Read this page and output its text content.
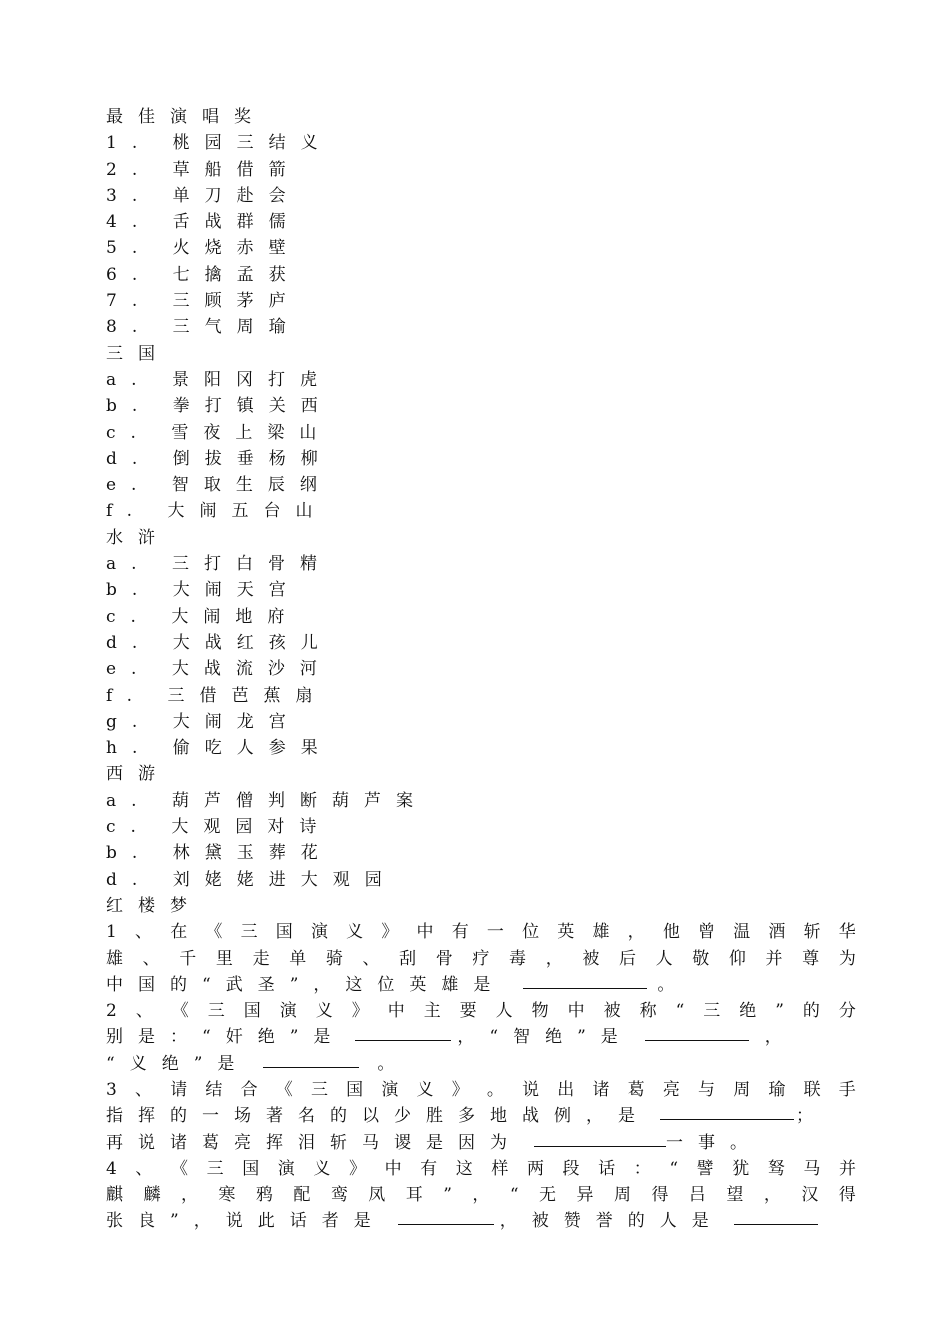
最佳演唱奖
1. 桃园三结义
2. 草船借箭
3. 单刀赴会
4. 舌战群儒
5. 火烧赤壁
6. 七擒孟获
7. 三顾茅庐
8. 三气周瑜
三国
a. 景阳冈打虎
b. 拳打镇关西
c. 雪夜上梁山
d. 倒拔垂杨柳
e. 智取生辰纲
f. 大闹五台山
水浒
a. 三打白骨精
b. 大闹天宫
c. 大闹地府
d. 大战红孩儿
e. 大战流沙河
f. 三借芭蕉扇
g. 大闹龙宫
h. 偷吃人参果
西游
a. 葫芦僧判断葫芦案
c. 大观园对诗
b. 林黛玉葬花
d. 刘姥姥进大观园
红楼梦
1 、 在 《 三 国 演 义 》 中 有 一 位 英 雄 ， 他 曾 温 酒 斩 华
雄 、 千 里 走 单 骑 、 刮 骨 疗 毒 ， 被 后 人 敬 仰 并 尊 为
中国的“武圣”，这位英雄是	。
2 、 《 三 国 演 义 》 中 主 要 人 物 中 被 称 “ 三 绝 ” 的 分
别是：“奸绝”是	，“智绝”是	，
“义绝”是	。
3 、 请 结 合 《 三 国 演 义 》 。 说 出 诸 葛 亮 与 周 瑜 联 手
指挥的一场著名的以少胜多地战例，是	；
再说诸葛亮挥泪斩马谡是因为	一事。
4 、 《 三 国 演 义 》 中 有 这 样 两 段 话 ： “ 譬 犹 驽 马 并
麒 麟 ， 寒 鸦 配 鸾 凤 耳 ” ， “ 无 异 周 得 吕 望 ， 汉 得
张良”，说此话者是	，被赞誉的人是
